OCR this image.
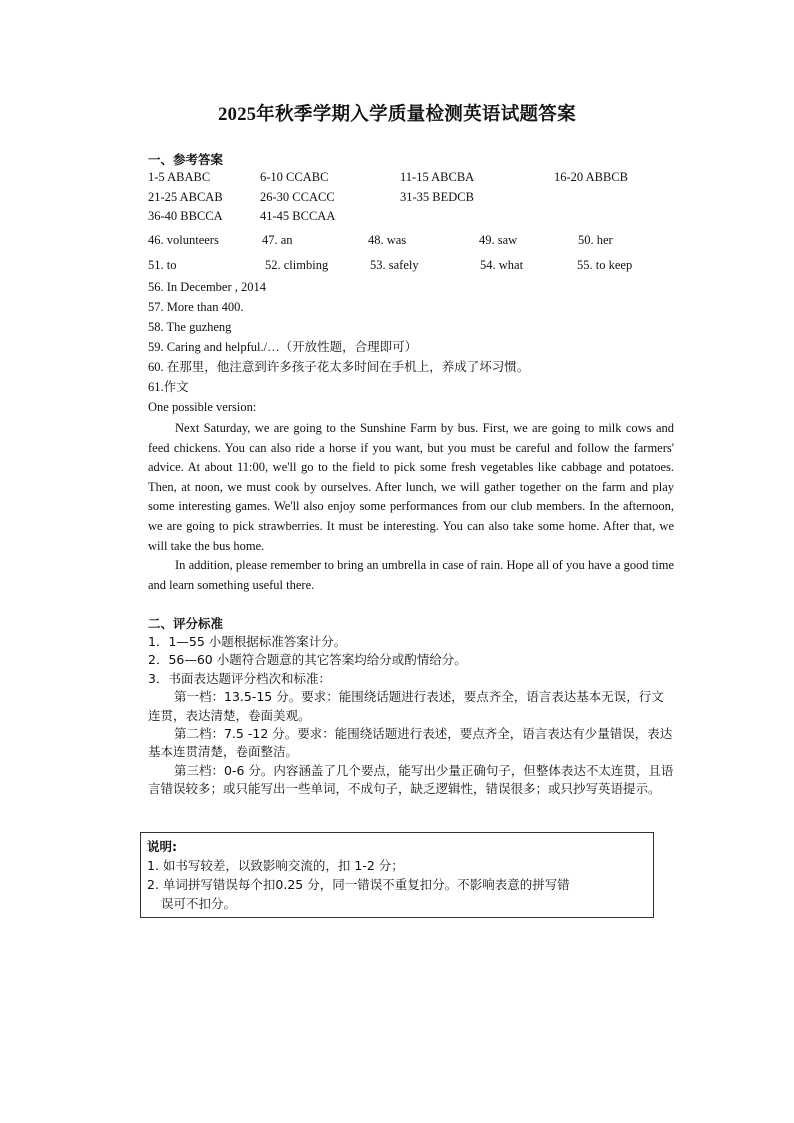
2025年秋季学期入学质量检测英语试题答案
一、参考答案
1-5 ABABC	6-10 CCABC	11-15 ABCBA	16-20 ABBCB
21-25 ABCAB	26-30 CCACC	31-35 BEDCB
36-40 BBCCA	41-45 BCCAA
46. volunteers	47. an	48. was	49. saw	50. her
51. to	52. climbing	53. safely	54. what	55. to keep
56. In December , 2014
57. More than 400.
58. The guzheng
59. Caring and helpful./…（开放性题，合理即可）
60. 在那里，他注意到许多孩子花太多时间在手机上，养成了坏习惯。
61.作文
One possible version:

Next Saturday, we are going to the Sunshine Farm by bus. First, we are going to milk cows and feed chickens. You can also ride a horse if you want, but you must be careful and follow the farmers' advice. At about 11:00, we'll go to the field to pick some fresh vegetables like cabbage and potatoes. Then, at noon, we must cook by ourselves. After lunch, we will gather together on the farm and play some interesting games. We'll also enjoy some performances from our club members. In the afternoon, we are going to pick strawberries. It must be interesting. You can also take some home. After that, we will take the bus home.

In addition, please remember to bring an umbrella in case of rain. Hope all of you have a good time and learn something useful there.

二、评分标准
1．1—55 小题根据标准答案计分。
2．56—60 小题符合题意的其它答案均给分或酌情给分。
3．书面表达题评分档次和标准：
第一档：13.5-15 分。要求：能围绕话题进行表述，要点齐全，语言表达基本无误，行文连贯，表达清楚，卷面美观。
第二档：7.5 -12 分。要求：能围绕话题进行表述，要点齐全，语言表达有少量错误，表达基本连贯清楚，卷面整洁。
第三档：0-6 分。内容涵盖了几个要点，能写出少量正确句子，但整体表达不太连贯，且语言错误较多；或只能写出一些单词，不成句子，缺乏逻辑性，错误很多；或只抄写英语提示。
说明:
1. 如书写较差，以致影响交流的，扣 1-2 分；
2. 单词拼写错误每个扣0.25 分，同一错误不重复扣分。不影响表意的拼写错
误可不扣分。
